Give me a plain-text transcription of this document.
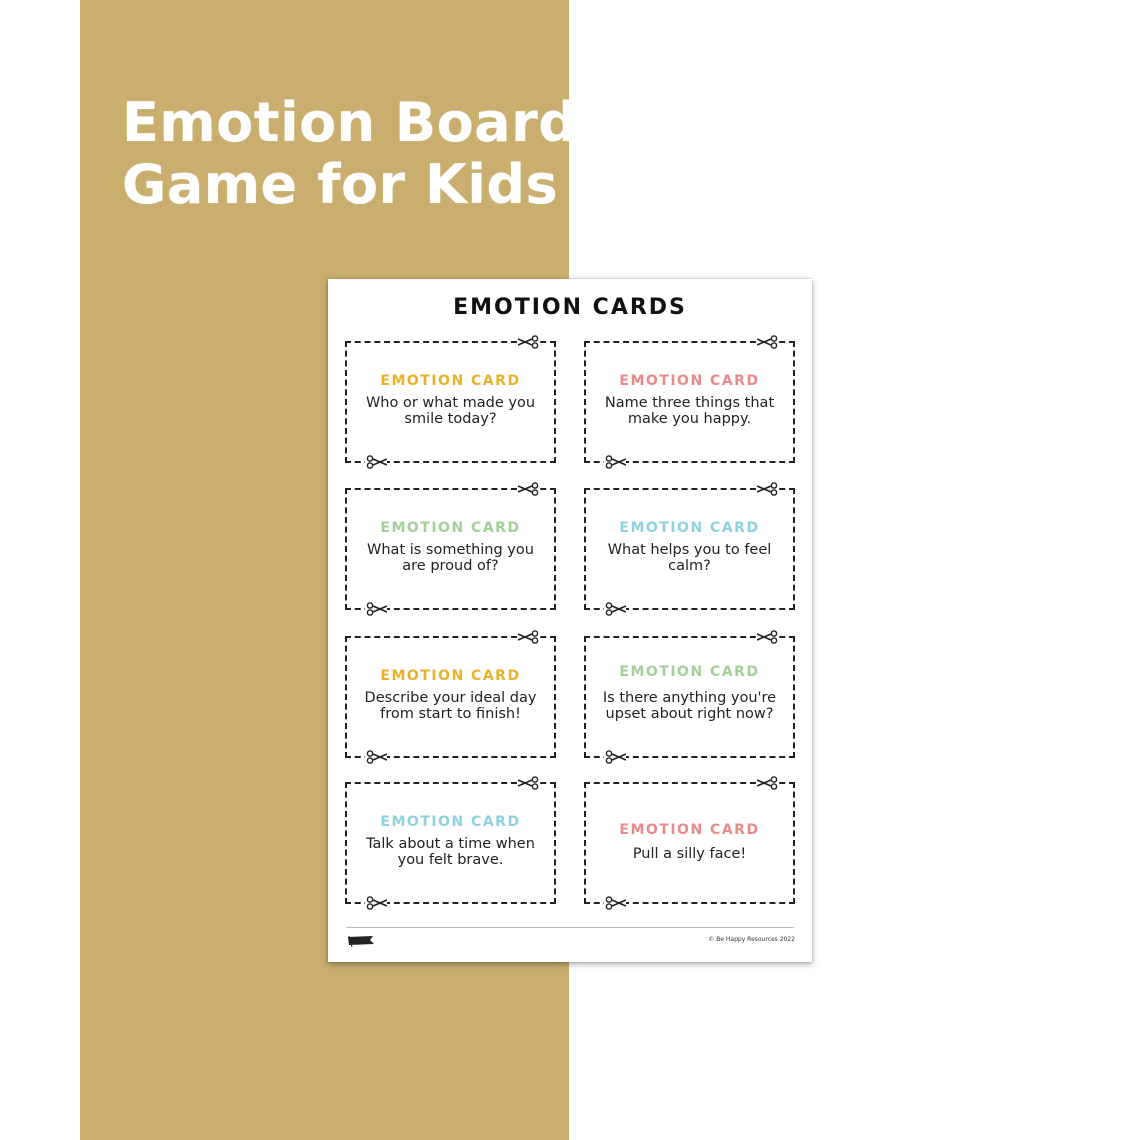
Emotion Board
Game for Kids
EMOTION CARDS

EMOTION CARD

Who or what made you smile today?

EMOTION CARD

Name three things that make you happy.

EMOTION CARD

What is something you are proud of?

EMOTION CARD

What helps you to feel calm?

EMOTION CARD

Describe your ideal day from start to finish!

EMOTION CARD

Is there anything you're upset about right now?

EMOTION CARD

Talk about a time when you felt brave.

EMOTION CARD

Pull a silly face!

© Be Happy Resources 2022
